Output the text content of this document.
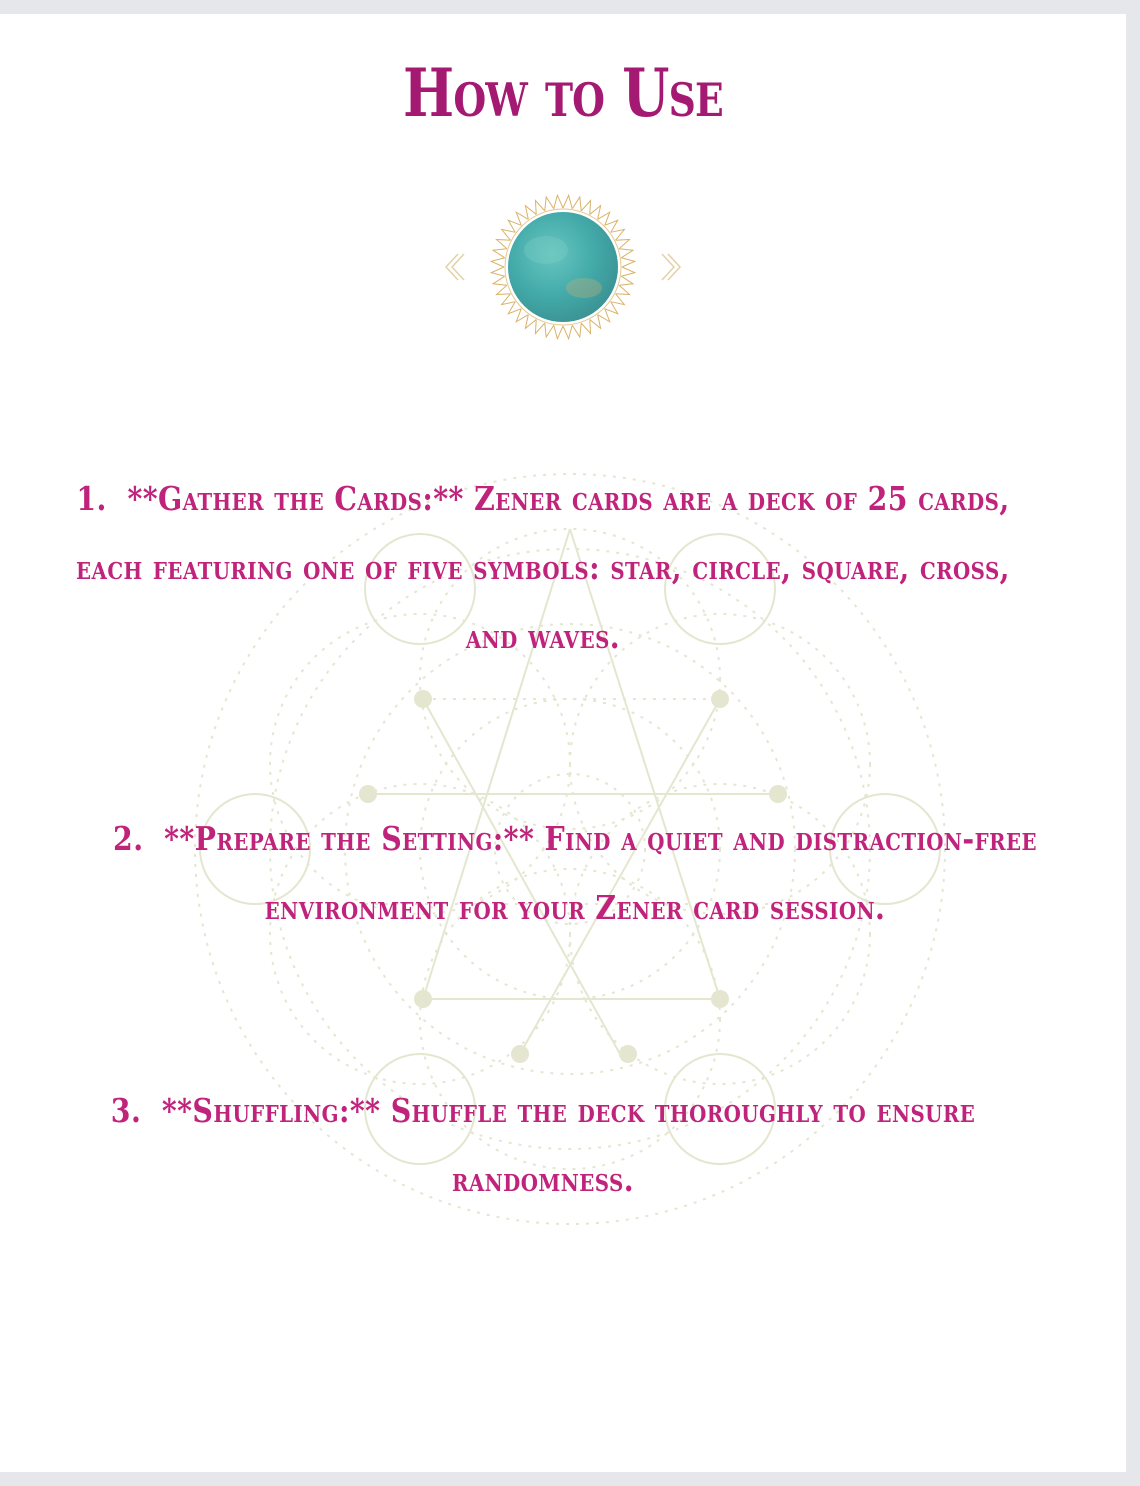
How to Use
1. **Gather the Cards:** Zener cards are a deck of 25 cards, each featuring one of five symbols: star, circle, square, cross, and waves.
2. **Prepare the Setting:** Find a quiet and distraction-free environment for your Zener card session.
3. **Shuffling:** Shuffle the deck thoroughly to ensure randomness.
